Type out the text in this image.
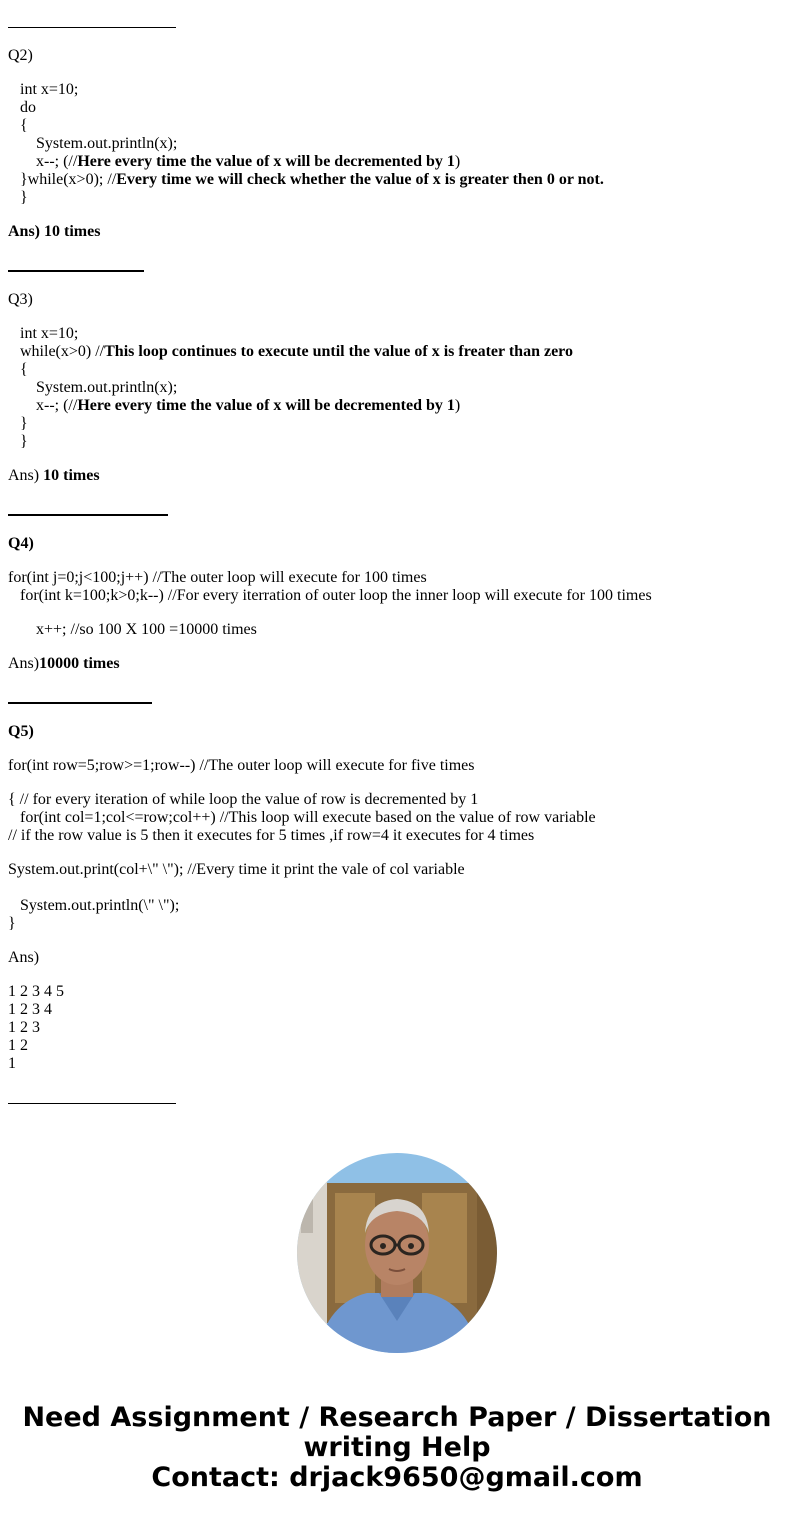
Q2)
int x=10;
do
{
System.out.println(x);
x--; (//Here every time the value of x will be decremented by 1)
}while(x>0); //Every time we will check whether the value of x is greater then 0 or not.
}
Ans) 10 times
Q3)
int x=10;
while(x>0) //This loop continues to execute until the value of x is freater than zero
{
System.out.println(x);
x--; (//Here every time the value of x will be decremented by 1)
}
}
Ans) 10 times
Q4)
for(int j=0;j<100;j++) //The outer loop will execute for 100 times
for(int k=100;k>0;k--) //For every iterration of outer loop the inner loop will execute for 100 times
x++; //so 100 X 100 =10000 times
Ans)10000 times
Q5)
for(int row=5;row>=1;row--) //The outer loop will execute for five times
{ // for every iteration of while loop the value of row is decremented by 1
for(int col=1;col<=row;col++) //This loop will execute based on the value of row variable
// if the row value is 5 then it executes for 5 times ,if row=4 it executes for 4 times
System.out.print(col+\" \"); //Every time it print the vale of col variable
System.out.println(\" \");
}
Ans)
1 2 3 4 5
1 2 3 4
1 2 3
1 2
1
Need Assignment / Research Paper / Dissertation
writing Help
Contact: drjack9650@gmail.com
